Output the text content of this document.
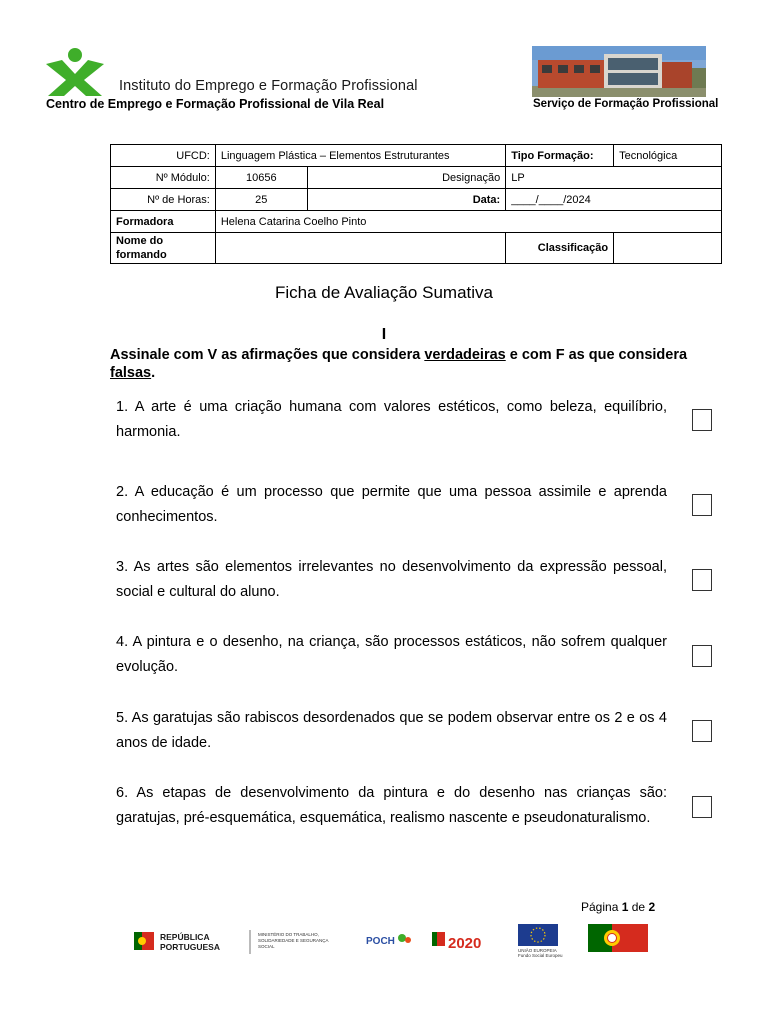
Instituto do Emprego e Formação Profissional
Centro de Emprego e Formação Profissional de Vila Real	Serviço de Formação Profissional
UFCD:	Linguagem Plástica – Elementos Estruturantes		Tipo Formação:	Tecnológica
Nº Módulo:	10656	Designação	LP	
Nº de Horas:	25	Data:	____/____/2024	
Formadora	Helena Catarina Coelho Pinto			
Nome do formando			Classificação	
Ficha de Avaliação Sumativa
I
Assinale com V as afirmações que considera verdadeiras e com F as que considera falsas.
1. A arte é uma criação humana com valores estéticos, como beleza, equilíbrio, harmonia.
2. A educação é um processo que permite que uma pessoa assimile e aprenda conhecimentos.
3. As artes são elementos irrelevantes no desenvolvimento da expressão pessoal, social e cultural do aluno.
4. A pintura e o desenho, na criança, são processos estáticos, não sofrem qualquer evolução.
5. As garatujas são rabiscos desordenados que se podem observar entre os 2 e os 4 anos de idade.
6. As etapas de desenvolvimento da pintura e do desenho nas crianças são: garatujas, pré-esquemática, esquemática, realismo nascente e pseudonaturalismo.
Página 1 de 2
REPÚBLICA
PORTUGUESA
MINISTÉRIO DO TRABALHO,
SOLIDARIEDADE E SEGURANÇA
SOCIAL	POCH	2020	UNIÃO EUROPEIA
Fundo Social Europeu
